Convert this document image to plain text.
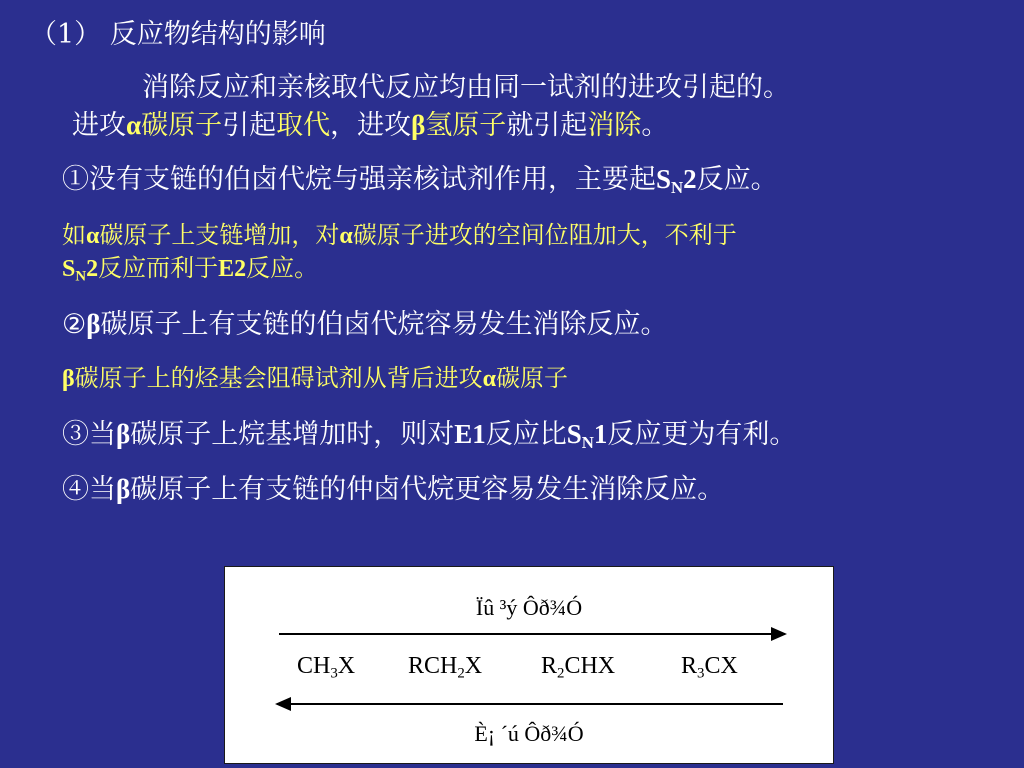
（1） 反应物结构的影响
消除反应和亲核取代反应均由同一试剂的进攻引起的。
进攻α碳原子引起取代，进攻β氢原子就引起消除。
①没有支链的伯卤代烷与强亲核试剂作用，主要起$S_N2$反应。
如α碳原子上支链增加，对α碳原子进攻的空间位阻加大，不利于
$S_N2$反应而利于E2反应。
②β碳原子上有支链的伯卤代烷容易发生消除反应。
β碳原子上的烃基会阻碍试剂从背后进攻α碳原子
③当β碳原子上烷基增加时，则对E1反应比$S_N1$反应更为有利。
④当β碳原子上有支链的仲卤代烷更容易发生消除反应。
Ïû ³ý Ôð¾Ó
$CH_3X$ $RCH_2X$ $R_2CHX$	$R_3CX$
È¡ ´ú Ôð¾Ó
